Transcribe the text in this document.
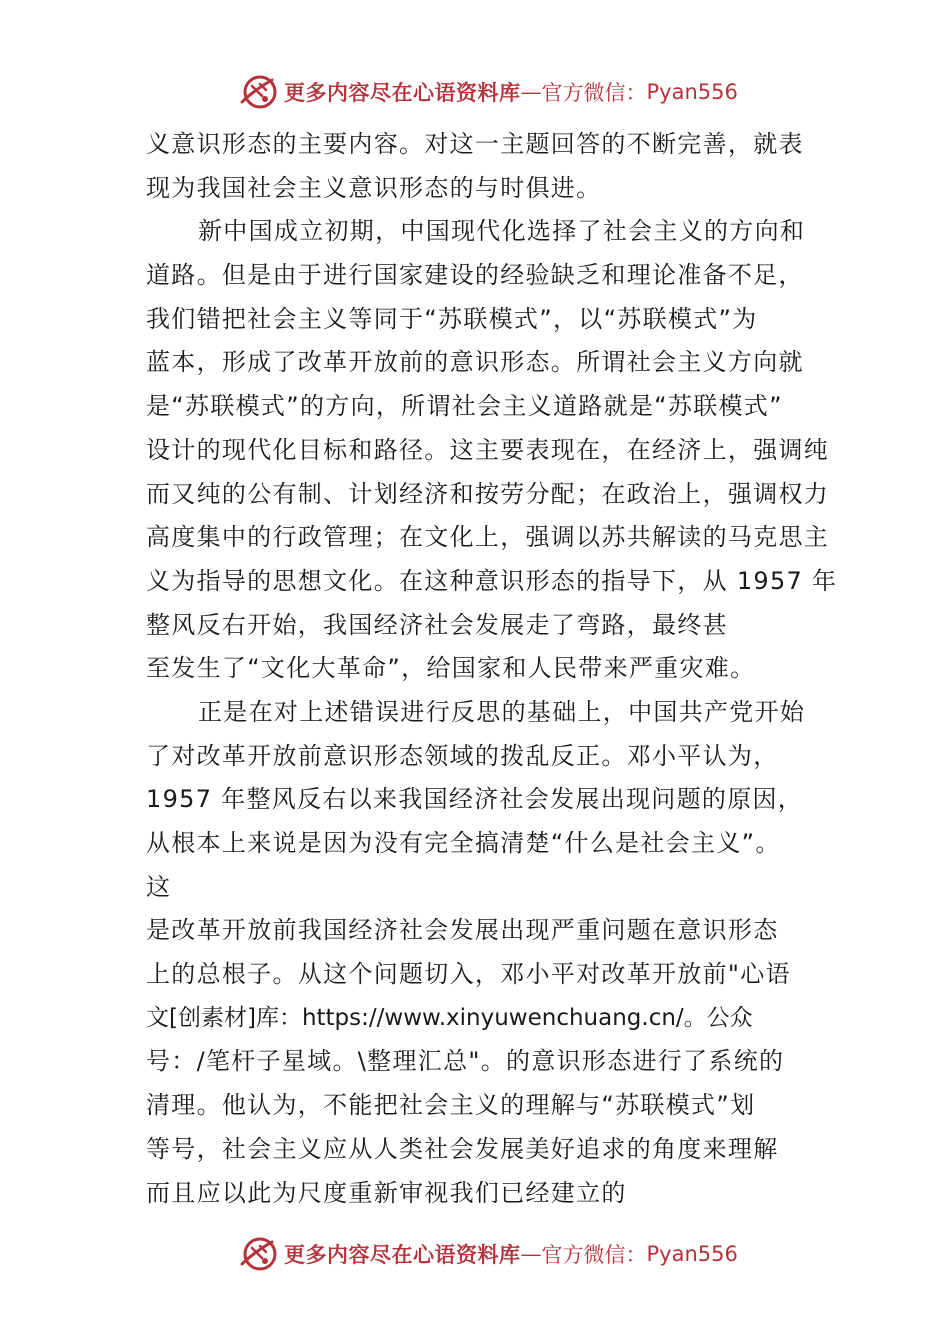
更多内容尽在心语资料库 — 官方微信： Pyan556
义意识形态的主要内容。对这一主题回答的不断完善，就表
现为我国社会主义意识形态的与时俱进。
新中国成立初期，中国现代化选择了社会主义的方向和
道路。但是由于进行国家建设的经验缺乏和理论准备不足，
我们错把社会主义等同于“苏联模式”，以“苏联模式”为
蓝本，形成了改革开放前的意识形态。所谓社会主义方向就
是“苏联模式”的方向，所谓社会主义道路就是“苏联模式”
设计的现代化目标和路径。这主要表现在，在经济上，强调纯
而又纯的公有制、计划经济和按劳分配；在政治上，强调权力
高度集中的行政管理；在文化上，强调以苏共解读的马克思主
义为指导的思想文化。在这种意识形态的指导下，从 1957 年
整风反右开始，我国经济社会发展走了弯路，最终甚
至发生了“文化大革命”，给国家和人民带来严重灾难。
正是在对上述错误进行反思的基础上，中国共产党开始
了对改革开放前意识形态领域的拨乱反正。邓小平认为，
1957 年整风反右以来我国经济社会发展出现问题的原因，
从根本上来说是因为没有完全搞清楚“什么是社会主义”。
这
是改革开放前我国经济社会发展出现严重问题在意识形态
上的总根子。从这个问题切入，邓小平对改革开放前"心语
文[创素材]库：https://www.xinyuwenchuang.cn/。公众
号：/笔杆子星域。\整理汇总"。的意识形态进行了系统的
清理。他认为，不能把社会主义的理解与“苏联模式”划
等号，社会主义应从人类社会发展美好追求的角度来理解
而且应以此为尺度重新审视我们已经建立的
更多内容尽在心语资料库 — 官方微信： Pyan556
